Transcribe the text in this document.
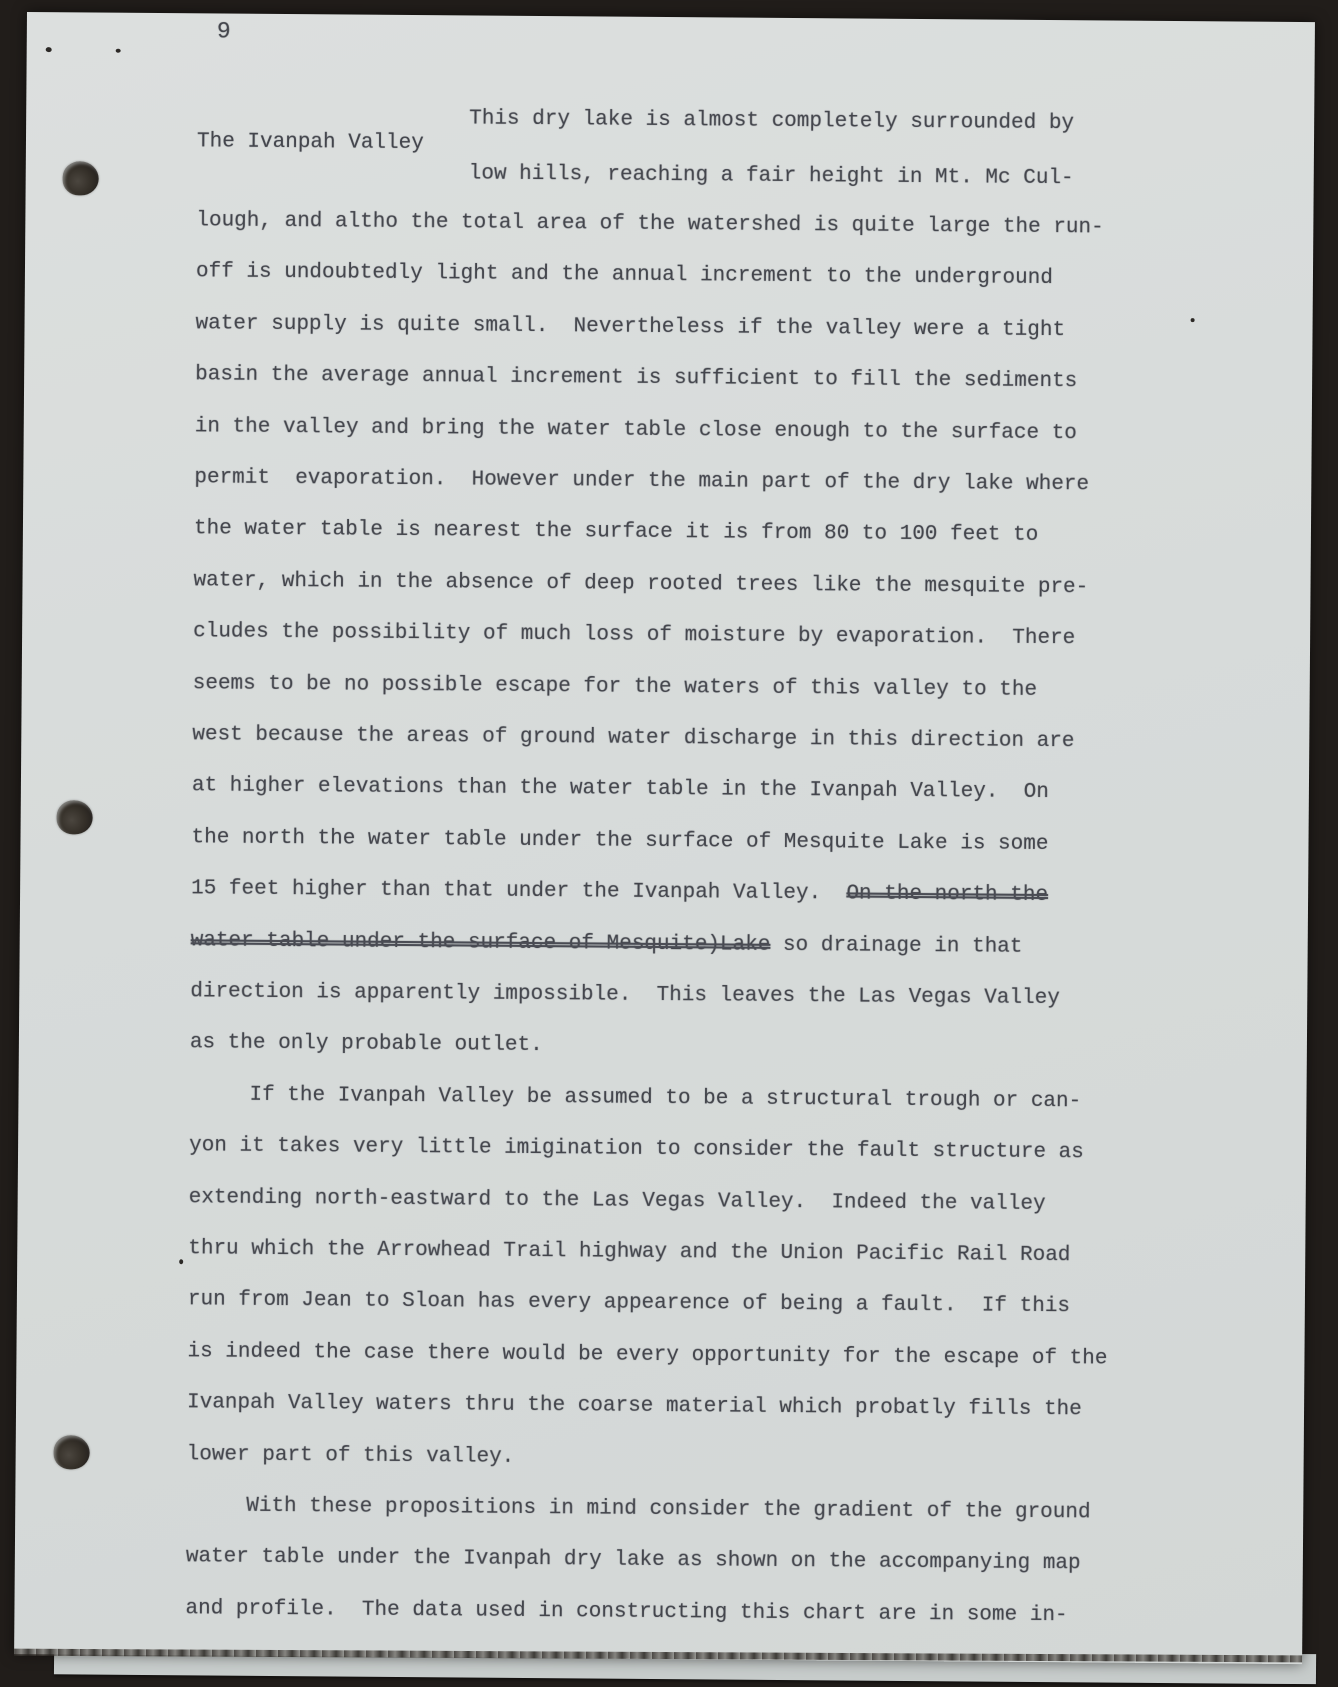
9
This dry lake is almost completely surrounded by
The Ivanpah Valley
low hills, reaching a fair height in Mt. Mc Cul-
lough, and altho the total area of the watershed is quite large the run-
off is undoubtedly light and the annual increment to the underground
water supply is quite small.  Nevertheless if the valley were a tight
basin the average annual increment is sufficient to fill the sediments
in the valley and bring the water table close enough to the surface to
permit  evaporation.  However under the main part of the dry lake where
the water table is nearest the surface it is from 80 to 100 feet to
water, which in the absence of deep rooted trees like the mesquite pre-
cludes the possibility of much loss of moisture by evaporation.  There
seems to be no possible escape for the waters of this valley to the
west because the areas of ground water discharge in this direction are
at higher elevations than the water table in the Ivanpah Valley.  On
the north the water table under the surface of Mesquite Lake is some
15 feet higher than that under the Ivanpah Valley.  On the north the
water table under the surface of Mesquite)Lake so drainage in that
direction is apparently impossible.  This leaves the Las Vegas Valley
as the only probable outlet.
If the Ivanpah Valley be assumed to be a structural trough or can-
yon it takes very little imigination to consider the fault structure as
extending north-eastward to the Las Vegas Valley.  Indeed the valley
thru which the Arrowhead Trail highway and the Union Pacific Rail Road
run from Jean to Sloan has every appearence of being a fault.  If this
is indeed the case there would be every opportunity for the escape of the
Ivanpah Valley waters thru the coarse material which probatly fills the
lower part of this valley.
With these propositions in mind consider the gradient of the ground
water table under the Ivanpah dry lake as shown on the accompanying map
and profile.  The data used in constructing this chart are in some in-
